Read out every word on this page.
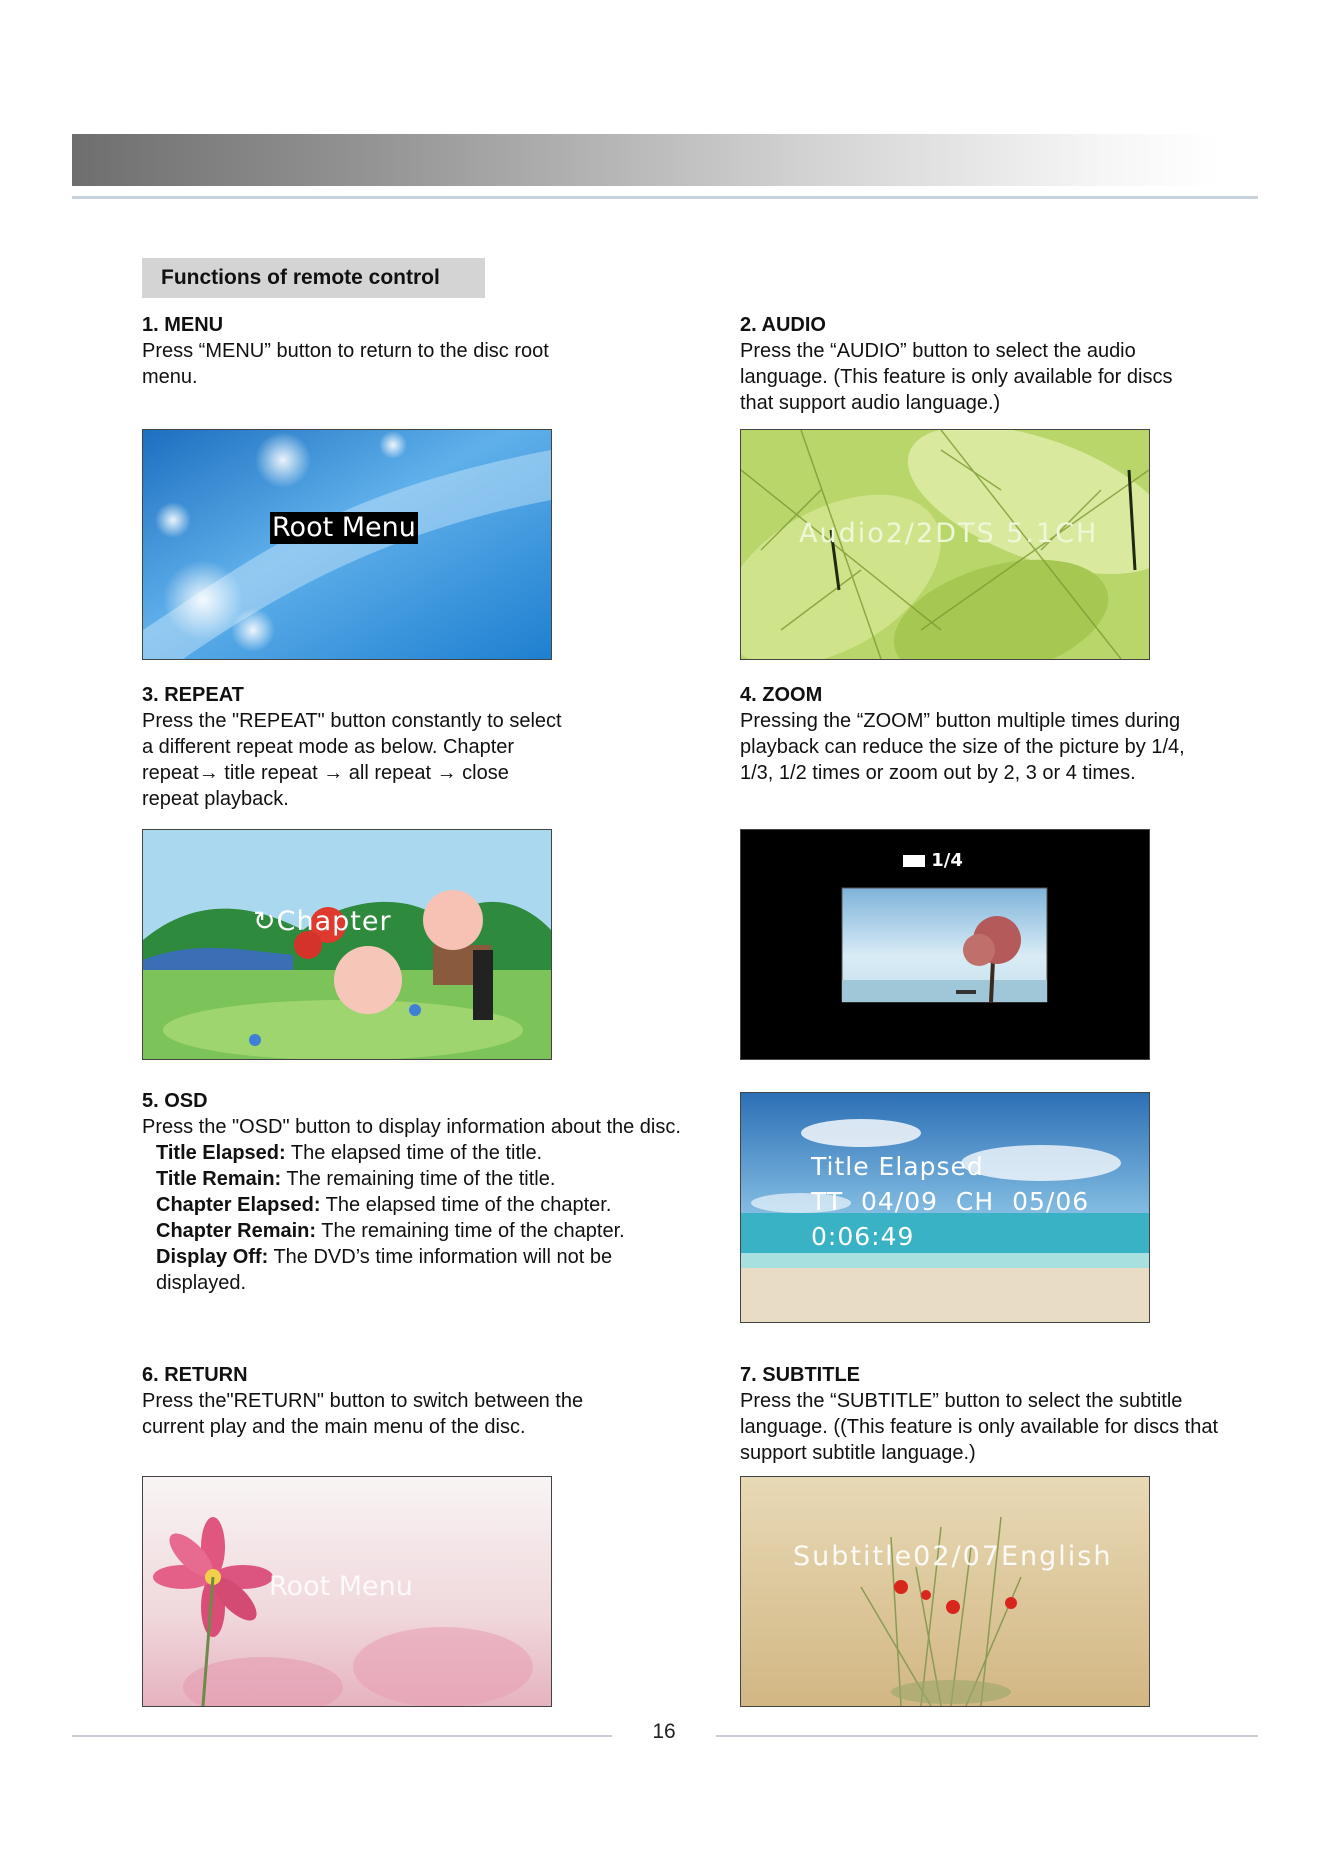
Functions of remote control
1. MENU

Press “MENU” button to return to the disc root menu.

Root Menu
2. AUDIO

Press the “AUDIO” button to select the audio language. (This feature is only available for discs that support audio language.)

Audio2/2DTS 5.1CH
3. REPEAT

Press the "REPEAT" button constantly to select a different repeat mode as below. Chapter repeat→ title repeat → all repeat → close repeat playback.

↻Chapter
4. ZOOM

Pressing the “ZOOM” button multiple times during playback can reduce the size of the picture by 1/4, 1/3, 1/2 times or zoom out by 2, 3 or 4 times.

1/4
5. OSD

Press the "OSD" button to display information about the disc.

Title Elapsed: The elapsed time of the title.
Title Remain: The remaining time of the title.
Chapter Elapsed: The elapsed time of the chapter.
Chapter Remain: The remaining time of the chapter.
Display Off: The DVD’s time information will not be displayed.
Title Elapsed
TT  04/09  CH  05/06
0:06:49
6. RETURN

Press the"RETURN" button to switch between the current play and the main menu of the disc.

Root Menu
7. SUBTITLE

Press the “SUBTITLE” button to select the subtitle language. ((This feature is only available for discs that support subtitle language.)

Subtitle02/07English
16
